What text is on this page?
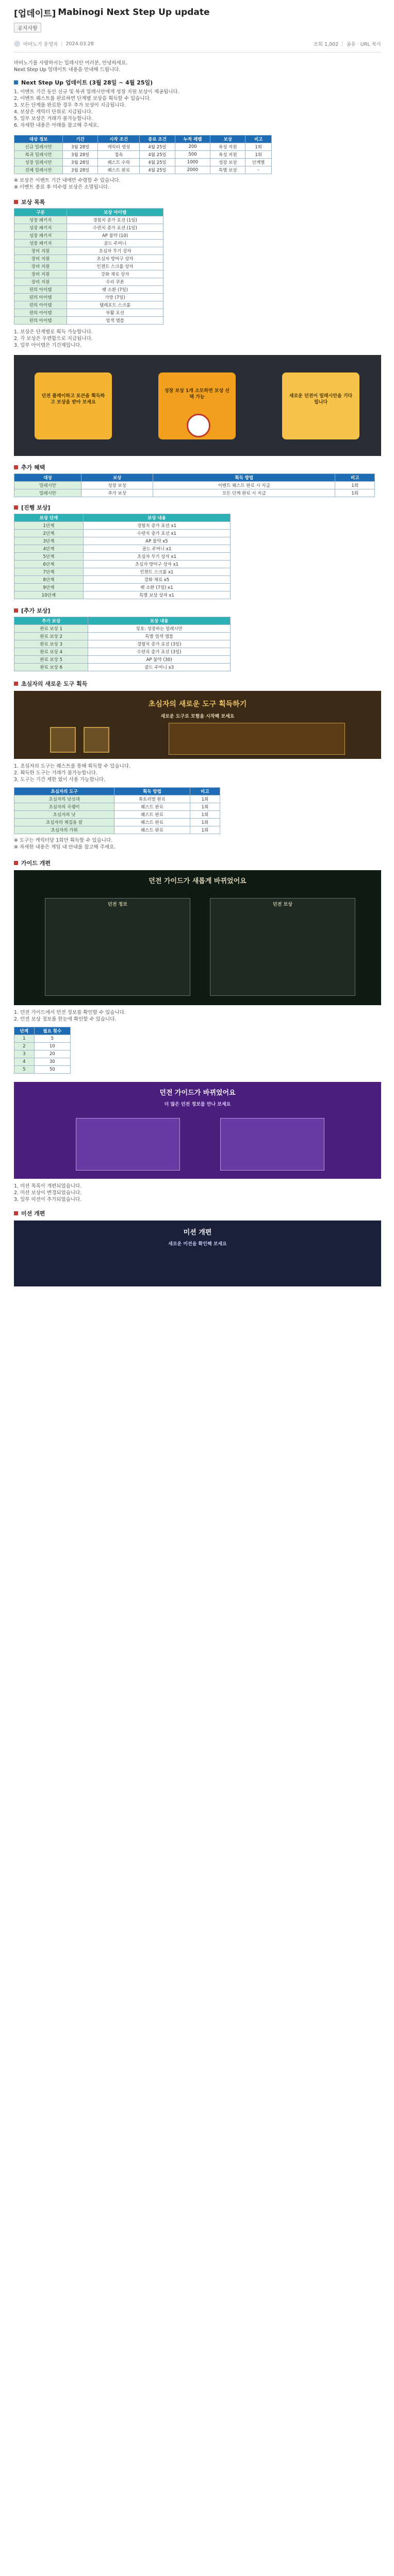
[업데이트] Mabinogi Next Step Up update
공지사항
마비노기 운영자 | 2024.03.28	조회 1,002 | 공유 · URL 복사

마비노기를 사랑하시는 밀레시안 여러분, 안녕하세요.

Next Step Up 업데이트 내용을 안내해 드립니다.

Next Step Up 업데이트 (3월 28일 ~ 4월 25일)
1. 이벤트 기간 동안 신규 및 복귀 밀레시안에게 성장 지원 보상이 제공됩니다.
2. 이벤트 퀘스트를 완료하면 단계별 보상을 획득할 수 있습니다.
3. 모든 단계를 완료한 경우 추가 보상이 지급됩니다.
4. 보상은 캐릭터 단위로 지급됩니다.
5. 일부 보상은 거래가 불가능합니다.
6. 자세한 내용은 아래를 참고해 주세요.
대상 정보	기간	시작 조건	종료 조건	누적 레벨	보상	비고
신규 밀레시안	3월 28일	캐릭터 생성	4월 25일	200	육성 지원	1회
복귀 밀레시안	3월 28일	접속	4월 25일	500	육성 지원	1회
성장 밀레시안	3월 28일	퀘스트 수락	4월 25일	1000	성장 보상	단계별
전체 밀레시안	3월 28일	퀘스트 완료	4월 25일	2000	특별 보상	-
※ 보상은 이벤트 기간 내에만 수령할 수 있습니다.
※ 이벤트 종료 후 미수령 보상은 소멸됩니다.
보상 목록
구분	보상 아이템
성장 패키지	경험치 증가 포션 (1일)
성장 패키지	수련치 증가 포션 (1일)
성장 패키지	AP 물약 (10)
성장 패키지	골드 주머니
장비 지원	초심자 무기 상자
장비 지원	초심자 방어구 상자
장비 지원	인챈트 스크롤 상자
장비 지원	강화 재료 상자
장비 지원	수리 쿠폰
편의 아이템	펫 소환 (7일)
편의 아이템	가방 (7일)
편의 아이템	텔레포트 스크롤
편의 아이템	부활 포션
편의 아이템	염색 앰플
1. 보상은 단계별로 획득 가능합니다.
2. 각 보상은 우편함으로 지급됩니다.
3. 일부 아이템은 기간제입니다.
던전 플레이하고 토큰을 획득하고 보상을 받아 보세요
성장 보상 1개 소모하면 보상 선택 가능	새로운 던전이 밀레시안을 기다립니다
추가 혜택
대상	보상	획득 방법	비고
밀레시안	성장 보상	이벤트 퀘스트 완료 시 지급	1회
밀레시안	추가 보상	모든 단계 완료 시 지급	1회
[진행 보상]
보상 단계	보상 내용
1단계	경험치 증가 포션 x1
2단계	수련치 증가 포션 x1
3단계	AP 물약 x5
4단계	골드 주머니 x1
5단계	초심자 무기 상자 x1
6단계	초심자 방어구 상자 x1
7단계	인챈트 스크롤 x1
8단계	강화 재료 x5
9단계	펫 소환 (7일) x1
10단계	특별 보상 상자 x1
[추가 보상]
추가 보상	보상 내용
완료 보상 1	칭호: 성장하는 밀레시안
완료 보상 2	특별 염색 앰플
완료 보상 3	경험치 증가 포션 (3일)
완료 보상 4	수련치 증가 포션 (3일)
완료 보상 5	AP 물약 (30)
완료 보상 6	골드 주머니 x3
초심자의 새로운 도구 획득
초심자의 새로운 도구 획득하기
새로운 도구로 모험을 시작해 보세요
1. 초심자의 도구는 퀘스트를 통해 획득할 수 있습니다.
2. 획득한 도구는 거래가 불가능합니다.
3. 도구는 기간 제한 없이 사용 가능합니다.
초심자의 도구	획득 방법	비고
초심자의 낚싯대	튜토리얼 완료	1회
초심자의 곡괭이	퀘스트 완료	1회
초심자의 낫	퀘스트 완료	1회
초심자의 채집용 칼	퀘스트 완료	1회
초심자의 가위	퀘스트 완료	1회
※ 도구는 캐릭터당 1회만 획득할 수 있습니다.
※ 자세한 내용은 게임 내 안내를 참고해 주세요.
가이드 개편
던전 가이드가 새롭게 바뀌었어요
던전 정보	던전 보상
1. 던전 가이드에서 던전 정보를 확인할 수 있습니다.
2. 던전 보상 정보를 한눈에 확인할 수 있습니다.
단계	필요 횟수
1	5
2	10
3	20
4	30
5	50
던전 가이드가 바뀌었어요
더 많은 던전 정보를 만나 보세요
1. 미션 목록이 개편되었습니다.
2. 미션 보상이 변경되었습니다.
3. 일부 미션이 추가되었습니다.
미션 개편
미션 개편
새로운 미션을 확인해 보세요
